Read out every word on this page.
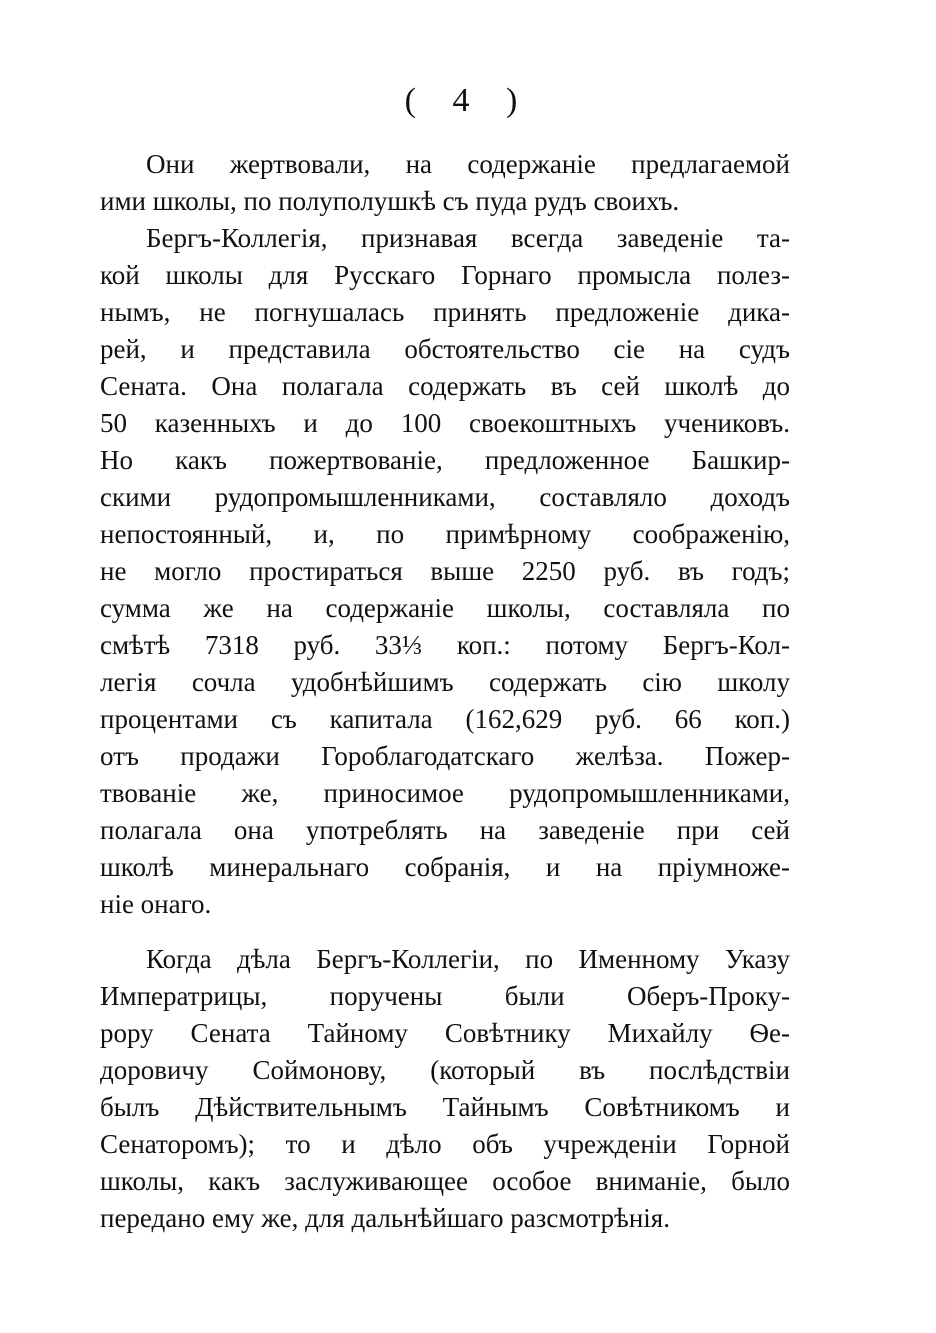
( 4 )
Они жертвовали, на содержаніе предлагаемой
ими школы, по полуполушкѣ съ пуда рудъ своихъ.
Бергъ-Коллегія, признавая всегда заведеніе та-
кой школы для Русскаго Горнаго промысла полез-
нымъ, не погнушалась принять предложеніе дика-
рей, и представила обстоятельство сіе на судъ
Сената. Она полагала содержать въ сей школѣ до
50 казенныхъ и до 100 своекоштныхъ учениковъ.
Но какъ пожертвованіе, предложенное Башкир-
скими рудопромышленниками, составляло доходъ
непостоянный, и, по примѣрному соображенію,
не могло простираться выше 2250 руб. въ годъ;
сумма же на содержаніе школы, составляла по
смѣтѣ 7318 руб. 33⅓ коп.: потому Бергъ-Кол-
легія сочла удобнѣйшимъ содержать сію школу
процентами съ капитала (162,629 руб. 66 коп.)
отъ продажи Гороблагодатскаго желѣза. Пожер-
твованіе же, приносимое рудопромышленниками,
полагала она употреблять на заведеніе при сей
школѣ минеральнаго собранія, и на пріумноже-
ніе онаго.
Когда дѣла Бергъ-Коллегіи, по Именному Указу
Императрицы, поручены были Оберъ-Проку-
рору Сената Тайному Совѣтнику Михайлу Ѳе-
доровичу Соймонову, (который въ послѣдствіи
былъ Дѣйствительнымъ Тайнымъ Совѣтникомъ и
Сенаторомъ); то и дѣло объ учрежденіи Горной
школы, какъ заслуживающее особое вниманіе, было
передано ему же, для дальнѣйшаго разсмотрѣнія.
